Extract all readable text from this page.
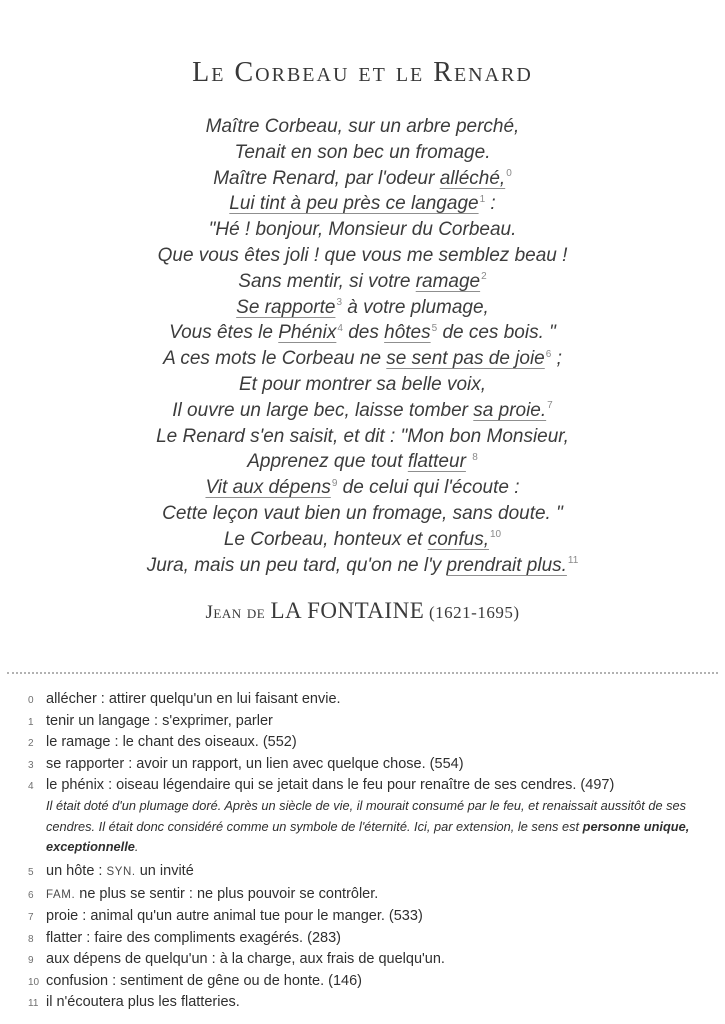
Le Corbeau et le Renard
Maître Corbeau, sur un arbre perché,
Tenait en son bec un fromage.
Maître Renard, par l'odeur alléché,$^0$
Lui tint à peu près ce langage$^1$ :
"Hé ! bonjour, Monsieur du Corbeau.
Que vous êtes joli ! que vous me semblez beau !
Sans mentir, si votre ramage$^2$
Se rapporte$^3$ à votre plumage,
Vous êtes le Phénix$^4$ des hôtes$^5$ de ces bois. "
A ces mots le Corbeau ne se sent pas de joie$^6$ ;
Et pour montrer sa belle voix,
Il ouvre un large bec, laisse tomber sa proie.$^7$
Le Renard s'en saisit, et dit : "Mon bon Monsieur,
Apprenez que tout flatteur $^8$
Vit aux dépens$^9$ de celui qui l'écoute :
Cette leçon vaut bien un fromage, sans doute. "
Le Corbeau, honteux et confus,$^{10}$
Jura, mais un peu tard, qu'on ne l'y prendrait plus.$^{11}$
Jean de LA FONTAINE (1621-1695)
0 allécher : attirer quelqu'un en lui faisant envie.
1 tenir un langage : s'exprimer, parler
2 le ramage : le chant des oiseaux. (552)
3 se rapporter : avoir un rapport, un lien avec quelque chose. (554)
4 le phénix : oiseau légendaire qui se jetait dans le feu pour renaître de ses cendres. (497)
Il était doté d'un plumage doré. Après un siècle de vie, il mourait consumé par le feu, et renaissait aussitôt de ses cendres. Il était donc considéré comme un symbole de l'éternité. Ici, par extension, le sens est personne unique, exceptionnelle.
5 un hôte : SYN. un invité
6	FAM. ne plus se sentir : ne plus pouvoir se contrôler.
7 proie : animal qu'un autre animal tue pour le manger. (533)
8 flatter : faire des compliments exagérés. (283)
9 aux dépens de quelqu'un : à la charge, aux frais de quelqu'un.
10 confusion : sentiment de gêne ou de honte. (146)
11 il n'écoutera plus les flatteries.
